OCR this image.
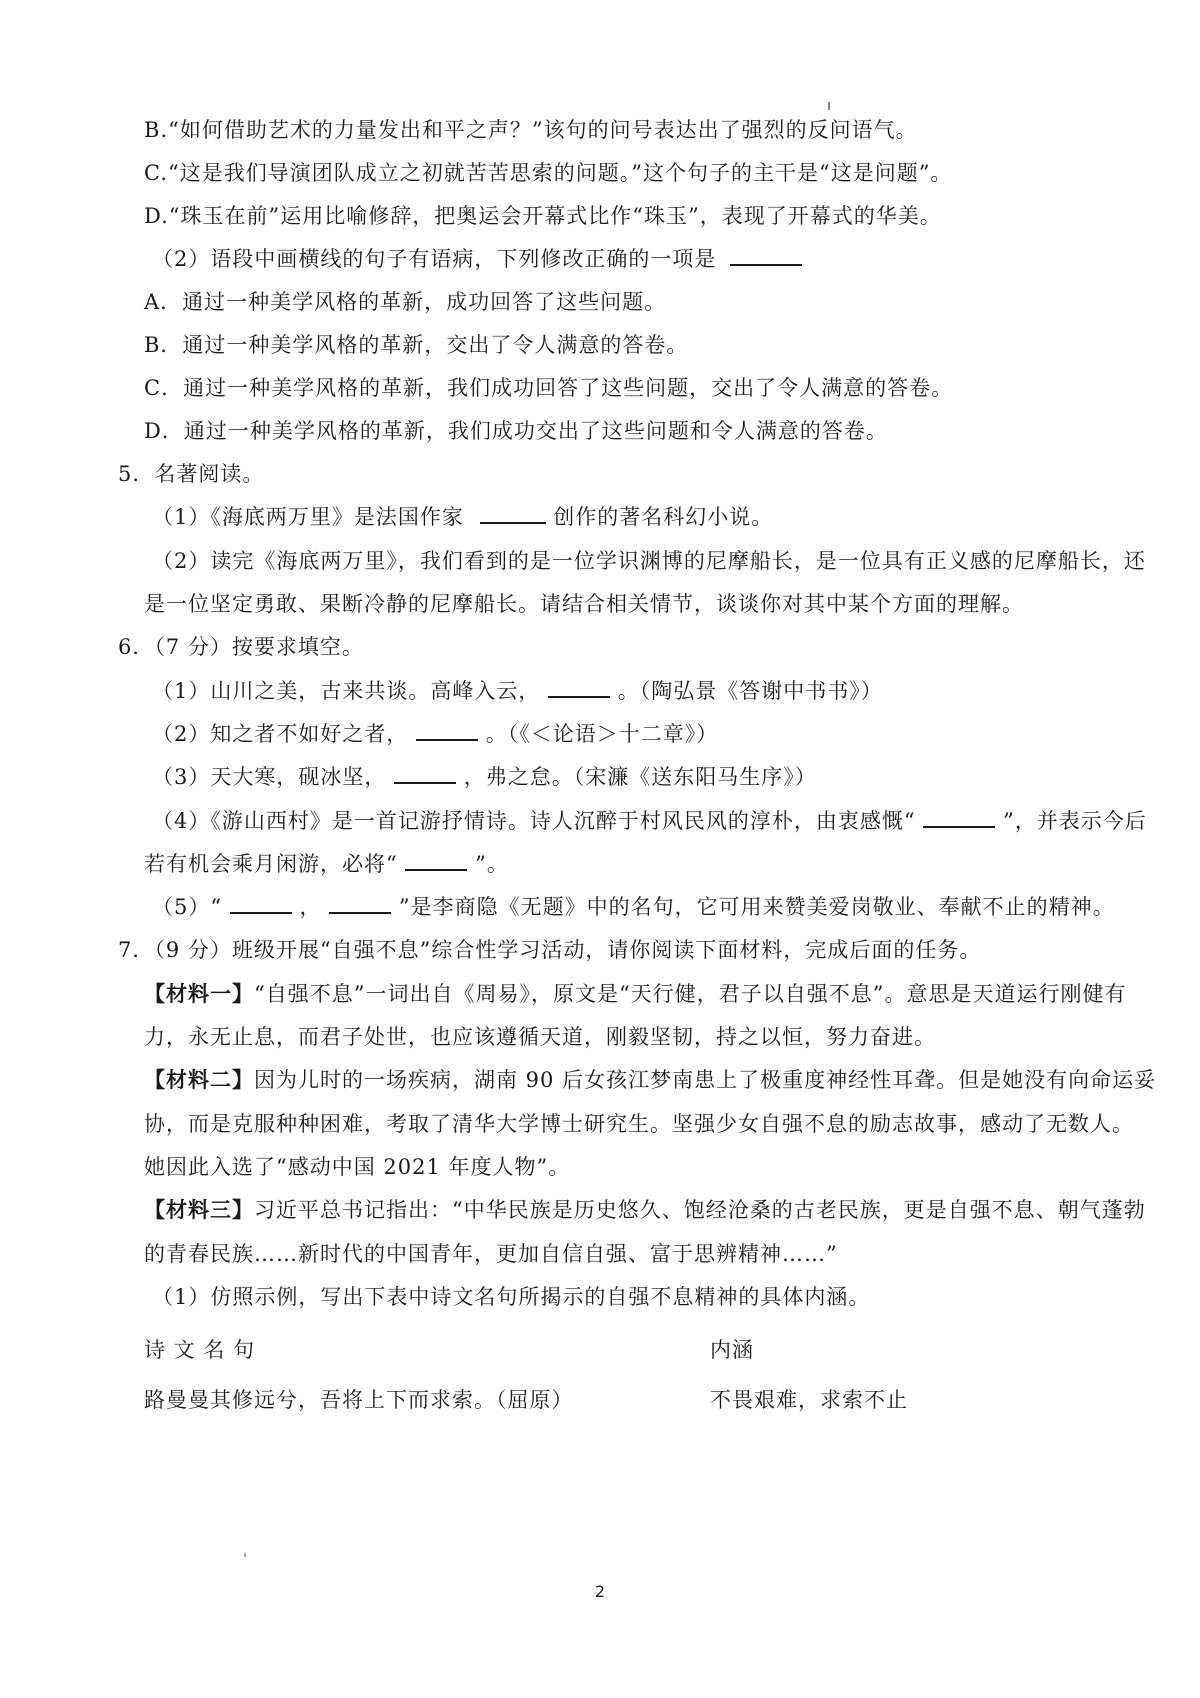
B.“如何借助艺术的力量发出和平之声？”该句的问号表达出了强烈的反问语气。
C.“这是我们导演团队成立之初就苦苦思索的问题。”这个句子的主干是“这是问题”。
D.“珠玉在前”运用比喻修辞，把奥运会开幕式比作“珠玉”，表现了开幕式的华美。
（2）语段中画横线的句子有语病，下列修改正确的一项是
A．通过一种美学风格的革新，成功回答了这些问题。
B．通过一种美学风格的革新，交出了令人满意的答卷。
C．通过一种美学风格的革新，我们成功回答了这些问题，交出了令人满意的答卷。
D．通过一种美学风格的革新，我们成功交出了这些问题和令人满意的答卷。
5．名著阅读。
（1）《海底两万里》是法国作家	创作的著名科幻小说。
（2）读完《海底两万里》，我们看到的是一位学识渊博的尼摩船长，是一位具有正义感的尼摩船长，还
是一位坚定勇敢、果断冷静的尼摩船长。请结合相关情节，谈谈你对其中某个方面的理解。
6．（7 分）按要求填空。
（1）山川之美，古来共谈。高峰入云，	。（陶弘景《答谢中书书》）
（2）知之者不如好之者，	。（《＜论语＞十二章》）
（3）天大寒，砚冰坚，	，弗之怠。（宋濂《送东阳马生序》）
（4）《游山西村》是一首记游抒情诗。诗人沉醉于村风民风的淳朴，由衷感慨“	”，并表示今后
若有机会乘月闲游，必将“	”。
（5）“	，	”是李商隐《无题》中的名句，它可用来赞美爱岗敬业、奉献不止的精神。
7．（9 分）班级开展“自强不息”综合性学习活动，请你阅读下面材料，完成后面的任务。
【材料一】“自强不息”一词出自《周易》，原文是“天行健，君子以自强不息”。意思是天道运行刚健有
力，永无止息，而君子处世，也应该遵循天道，刚毅坚韧，持之以恒，努力奋进。
【材料二】因为儿时的一场疾病，湖南 90 后女孩江梦南患上了极重度神经性耳聋。但是她没有向命运妥
协，而是克服种种困难，考取了清华大学博士研究生。坚强少女自强不息的励志故事，感动了无数人。
她因此入选了“感动中国 2021 年度人物”。
【材料三】习近平总书记指出：“中华民族是历史悠久、饱经沧桑的古老民族，更是自强不息、朝气蓬勃
的青春民族……新时代的中国青年，更加自信自强、富于思辨精神……”
（1）仿照示例，写出下表中诗文名句所揭示的自强不息精神的具体内涵。
诗 文 名 句	内涵
路曼曼其修远兮，吾将上下而求索。（屈原）	不畏艰难，求索不止
2
